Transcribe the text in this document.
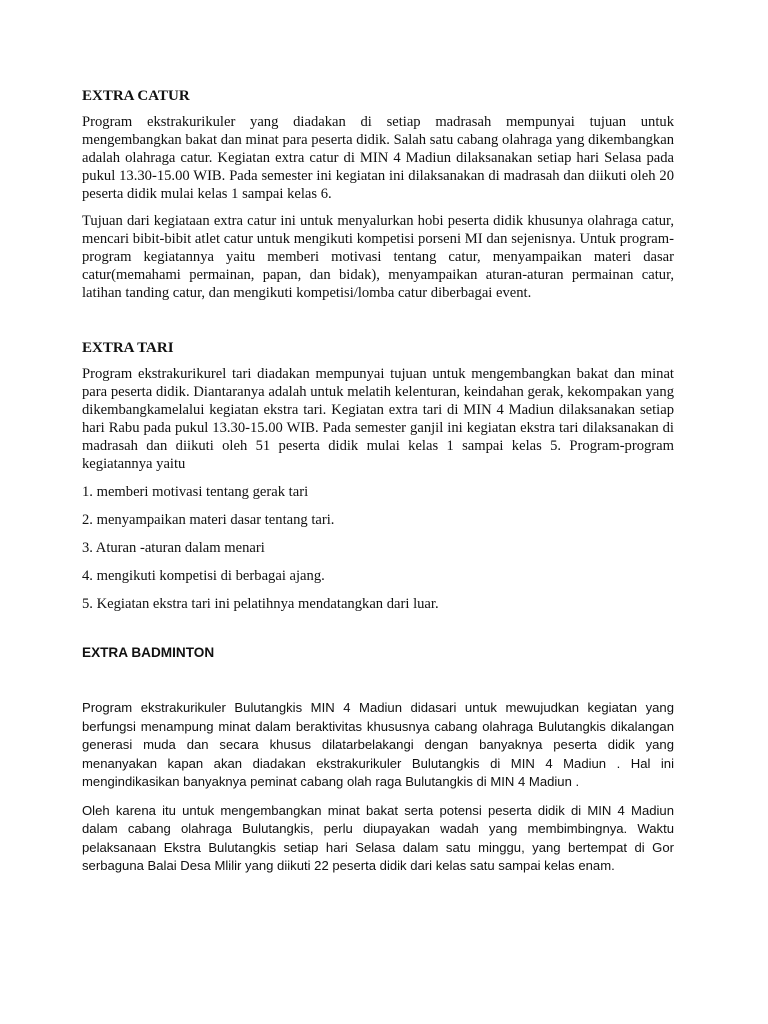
EXTRA CATUR

Program ekstrakurikuler yang diadakan di setiap madrasah mempunyai tujuan untuk mengembangkan bakat dan minat para peserta didik. Salah satu cabang olahraga yang dikembangkan adalah olahraga catur. Kegiatan extra catur di MIN 4 Madiun dilaksanakan setiap hari Selasa pada pukul 13.30-15.00 WIB. Pada semester ini kegiatan ini dilaksanakan di madrasah dan diikuti oleh 20 peserta didik mulai kelas 1 sampai kelas 6.

Tujuan dari kegiataan extra catur ini untuk menyalurkan hobi peserta didik khusunya olahraga catur, mencari bibit-bibit atlet catur untuk mengikuti kompetisi porseni MI dan sejenisnya. Untuk program-program kegiatannya yaitu memberi motivasi tentang catur, menyampaikan materi dasar catur(memahami permainan, papan, dan bidak), menyampaikan aturan-aturan permainan catur, latihan tanding catur, dan mengikuti kompetisi/lomba catur diberbagai event.

EXTRA TARI

Program ekstrakurikurel tari diadakan mempunyai tujuan untuk mengembangkan bakat dan minat para peserta didik. Diantaranya adalah untuk melatih kelenturan, keindahan gerak, kekompakan yang dikembangkamelalui kegiatan ekstra tari. Kegiatan extra tari di MIN 4 Madiun dilaksanakan setiap hari Rabu pada pukul 13.30-15.00 WIB. Pada semester ganjil ini kegiatan ekstra tari dilaksanakan di madrasah dan diikuti oleh 51 peserta didik mulai kelas 1 sampai kelas 5. Program-program kegiatannya yaitu

1. memberi motivasi tentang gerak tari

2. menyampaikan materi dasar tentang tari.

3. Aturan -aturan dalam menari

4. mengikuti kompetisi di berbagai ajang.

5. Kegiatan ekstra tari ini pelatihnya mendatangkan dari luar.

EXTRA BADMINTON

Program ekstrakurikuler Bulutangkis MIN 4 Madiun didasari untuk mewujudkan kegiatan yang berfungsi menampung minat dalam beraktivitas khususnya cabang olahraga Bulutangkis dikalangan generasi muda dan secara khusus dilatarbelakangi dengan banyaknya peserta didik yang menanyakan kapan akan diadakan ekstrakurikuler Bulutangkis di MIN 4 Madiun . Hal ini mengindikasikan banyaknya peminat cabang olah raga Bulutangkis di MIN 4 Madiun .

Oleh karena itu untuk mengembangkan minat bakat serta potensi peserta didik di MIN 4 Madiun dalam cabang olahraga Bulutangkis, perlu diupayakan wadah yang membimbingnya. Waktu pelaksanaan Ekstra Bulutangkis setiap hari Selasa dalam satu minggu, yang bertempat di Gor serbaguna Balai Desa Mlilir yang diikuti 22 peserta didik dari kelas satu sampai kelas enam.
